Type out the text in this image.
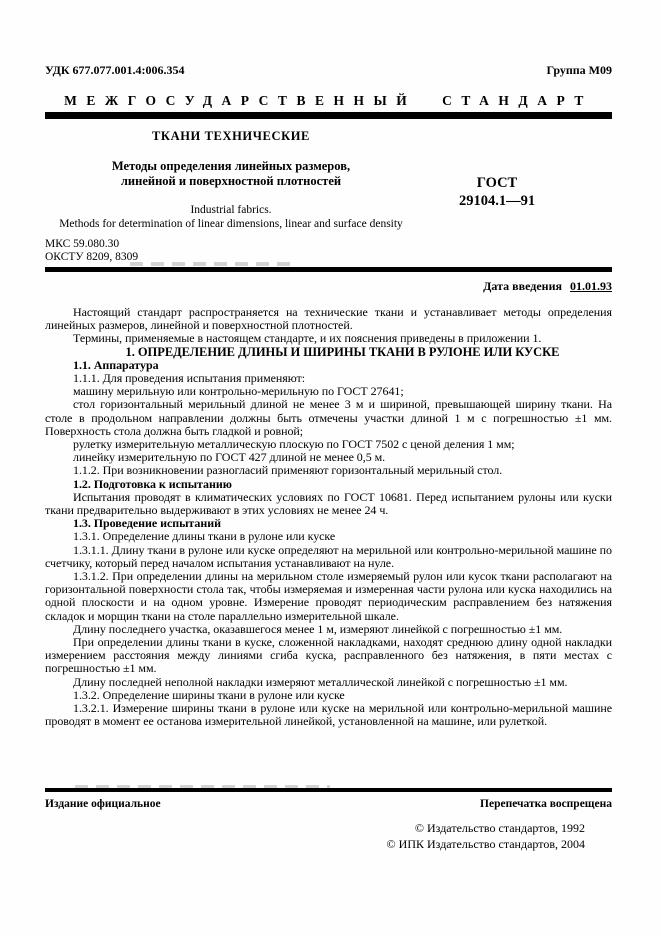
УДК 677.077.001.4:006.354	Группа М09
МЕЖГОСУДАРСТВЕННЫЙ СТАНДАРТ
ТКАНИ ТЕХНИЧЕСКИЕ
Методы определения линейных размеров,
линейной и поверхностной плотностей
Industrial fabrics.
Methods for determination of linear dimensions, linear and surface density
МКС 59.080.30
ОКСТУ 8209, 8309
ГОСТ
29104.1—91
Дата введения 01.01.93

Настоящий стандарт распространяется на технические ткани и устанавливает методы определения линейных размеров, линейной и поверхностной плотностей.

Термины, применяемые в настоящем стандарте, и их пояснения приведены в приложении 1.

1. ОПРЕДЕЛЕНИЕ ДЛИНЫ И ШИРИНЫ ТКАНИ В РУЛОНЕ ИЛИ КУСКЕ

1.1. Аппаратура

1.1.1. Для проведения испытания применяют:

машину мерильную или контрольно-мерильную по ГОСТ 27641;

стол горизонтальный мерильный длиной не менее 3 м и шириной, превышающей ширину ткани. На столе в продольном направлении должны быть отмечены участки длиной 1 м с погрешностью ±1 мм. Поверхность стола должна быть гладкой и ровной;

рулетку измерительную металлическую плоскую по ГОСТ 7502 с ценой деления 1 мм;

линейку измерительную по ГОСТ 427 длиной не менее 0,5 м.

1.1.2. При возникновении разногласий применяют горизонтальный мерильный стол.

1.2. Подготовка к испытанию

Испытания проводят в климатических условиях по ГОСТ 10681. Перед испытанием рулоны или куски ткани предварительно выдерживают в этих условиях не менее 24 ч.

1.3. Проведение испытаний

1.3.1. Определение длины ткани в рулоне или куске

1.3.1.1. Длину ткани в рулоне или куске определяют на мерильной или контрольно-мерильной машине по счетчику, который перед началом испытания устанавливают на нуле.

1.3.1.2. При определении длины на мерильном столе измеряемый рулон или кусок ткани располагают на горизонтальной поверхности стола так, чтобы измеряемая и измеренная части рулона или куска находились на одной плоскости и на одном уровне. Измерение проводят периодическим расправлением без натяжения складок и морщин ткани на столе параллельно измерительной шкале.

Длину последнего участка, оказавшегося менее 1 м, измеряют линейкой с погрешностью ±1 мм.

При определении длины ткани в куске, сложенной накладками, находят среднюю длину одной накладки измерением расстояния между линиями сгиба куска, расправленного без натяжения, в пяти местах с погрешностью ±1 мм.

Длину последней неполной накладки измеряют металлической линейкой с погрешностью ±1 мм.

1.3.2. Определение ширины ткани в рулоне или куске

1.3.2.1. Измерение ширины ткани в рулоне или куске на мерильной или контрольно-мерильной машине проводят в момент ее останова измерительной линейкой, установленной на машине, или рулеткой.

Издание официальное	Перепечатка воспрещена
© Издательство стандартов, 1992
© ИПК Издательство стандартов, 2004
